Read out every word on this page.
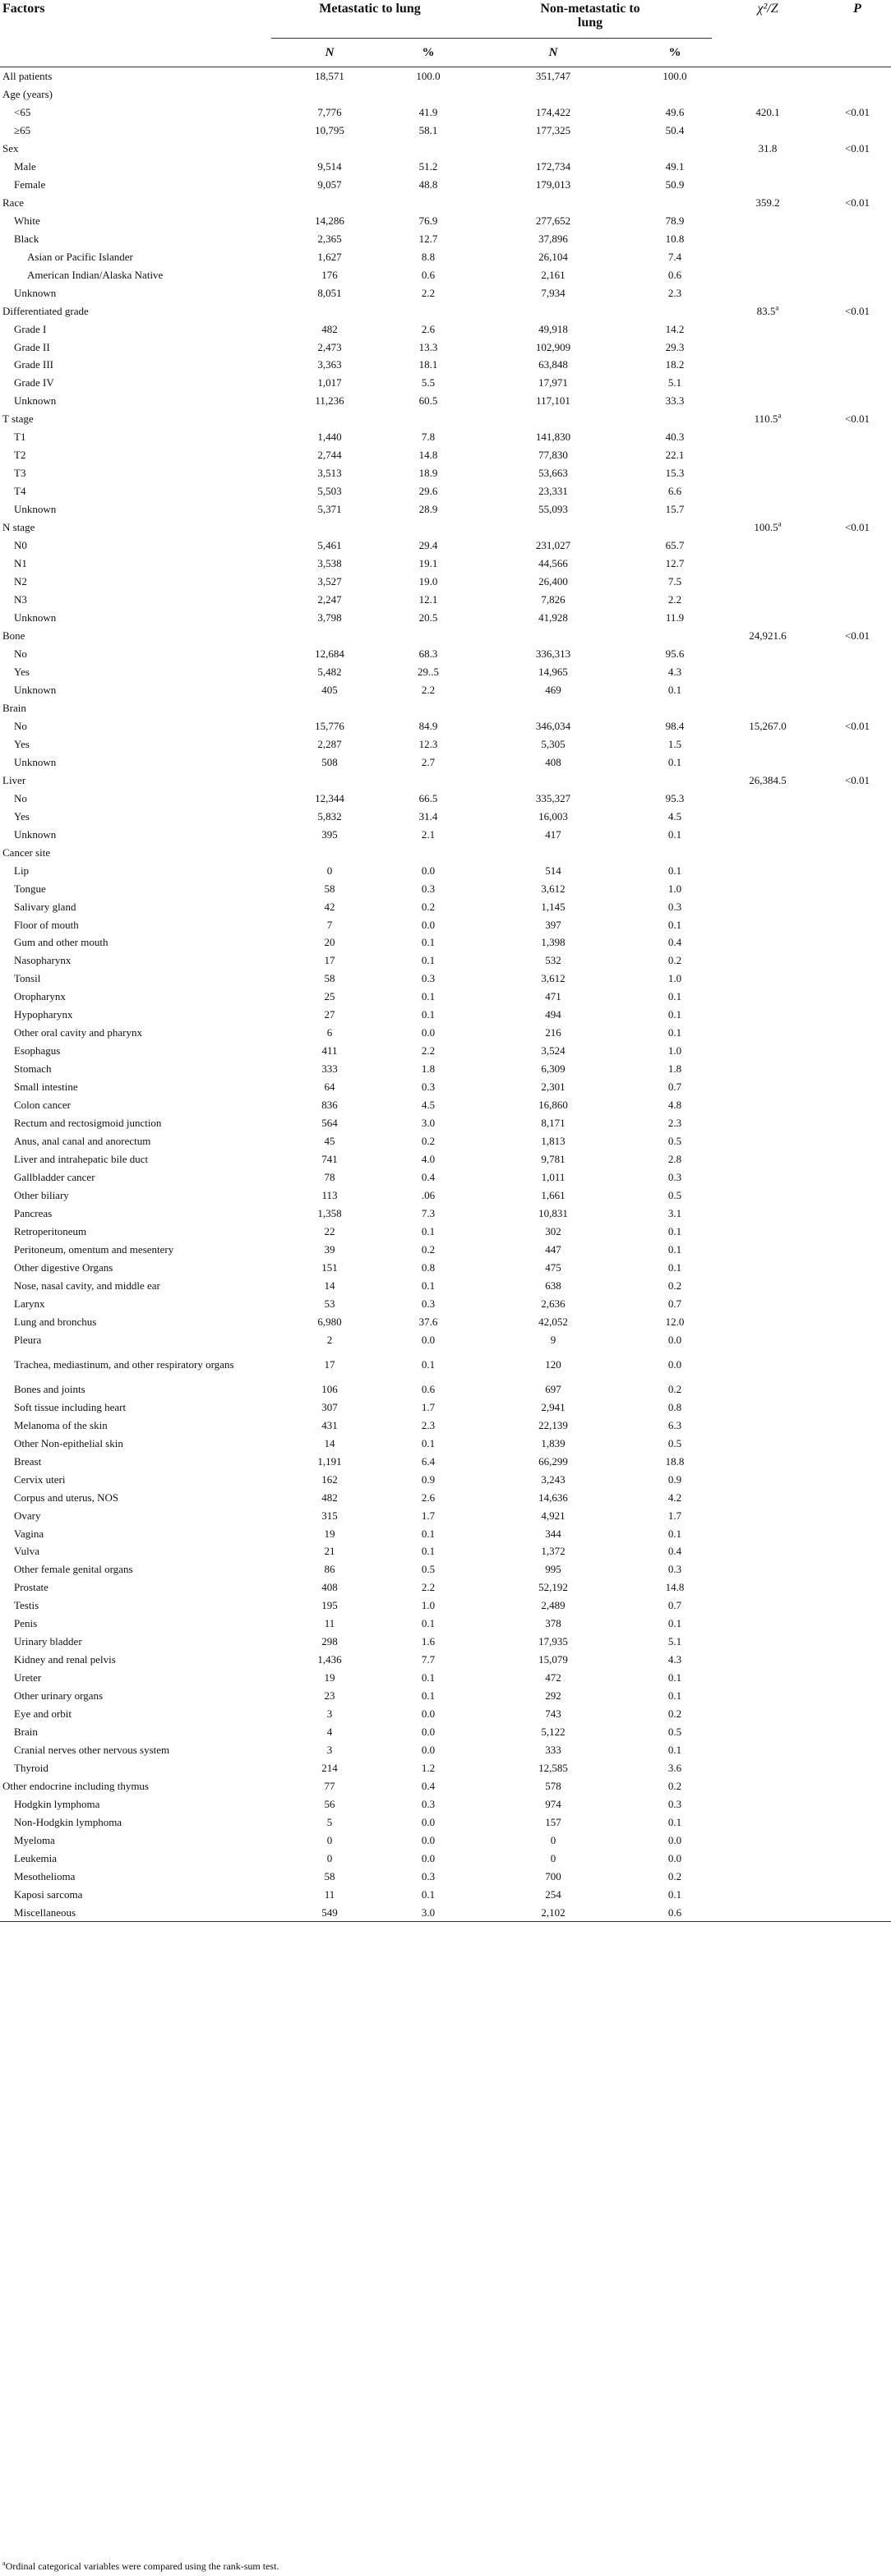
Factors	Metastatic to lung		Non-metastatic to lung		χ²/Z	P
	N	%	N	%		
All patients	18,571	100.0	351,747	100.0		
Age (years)						
<65	7,776	41.9	174,422	49.6	420.1	<0.01
≥65	10,795	58.1	177,325	50.4		
Sex					31.8	<0.01
Male	9,514	51.2	172,734	49.1		
Female	9,057	48.8	179,013	50.9		
Race					359.2	<0.01
White	14,286	76.9	277,652	78.9		
Black	2,365	12.7	37,896	10.8		
Asian or Pacific Islander	1,627	8.8	26,104	7.4		
American Indian/Alaska Native	176	0.6	2,161	0.6		
Unknown	8,051	2.2	7,934	2.3		
Differentiated grade					83.5$^a$	<0.01
Grade I	482	2.6	49,918	14.2		
Grade II	2,473	13.3	102,909	29.3		
Grade III	3,363	18.1	63,848	18.2		
Grade IV	1,017	5.5	17,971	5.1		
Unknown	11,236	60.5	117,101	33.3		
T stage					110.5$^a$	<0.01
T1	1,440	7.8	141,830	40.3		
T2	2,744	14.8	77,830	22.1		
T3	3,513	18.9	53,663	15.3		
T4	5,503	29.6	23,331	6.6		
Unknown	5,371	28.9	55,093	15.7		
N stage					100.5$^a$	<0.01
N0	5,461	29.4	231,027	65.7		
N1	3,538	19.1	44,566	12.7		
N2	3,527	19.0	26,400	7.5		
N3	2,247	12.1	7,826	2.2		
Unknown	3,798	20.5	41,928	11.9		
Bone					24,921.6	<0.01
No	12,684	68.3	336,313	95.6		
Yes	5,482	29..5	14,965	4.3		
Unknown	405	2.2	469	0.1		
Brain						
No	15,776	84.9	346,034	98.4	15,267.0	<0.01
Yes	2,287	12.3	5,305	1.5		
Unknown	508	2.7	408	0.1		
Liver					26,384.5	<0.01
No	12,344	66.5	335,327	95.3		
Yes	5,832	31.4	16,003	4.5		
Unknown	395	2.1	417	0.1		
Cancer site						
Lip	0	0.0	514	0.1		
Tongue	58	0.3	3,612	1.0		
Salivary gland	42	0.2	1,145	0.3		
Floor of mouth	7	0.0	397	0.1		
Gum and other mouth	20	0.1	1,398	0.4		
Nasopharynx	17	0.1	532	0.2		
Tonsil	58	0.3	3,612	1.0		
Oropharynx	25	0.1	471	0.1		
Hypopharynx	27	0.1	494	0.1		
Other oral cavity and pharynx	6	0.0	216	0.1		
Esophagus	411	2.2	3,524	1.0		
Stomach	333	1.8	6,309	1.8		
Small intestine	64	0.3	2,301	0.7		
Colon cancer	836	4.5	16,860	4.8		
Rectum and rectosigmoid junction	564	3.0	8,171	2.3		
Anus, anal canal and anorectum	45	0.2	1,813	0.5		
Liver and intrahepatic bile duct	741	4.0	9,781	2.8		
Gallbladder cancer	78	0.4	1,011	0.3		
Other biliary	113	.06	1,661	0.5		
Pancreas	1,358	7.3	10,831	3.1		
Retroperitoneum	22	0.1	302	0.1		
Peritoneum, omentum and mesentery	39	0.2	447	0.1		
Other digestive Organs	151	0.8	475	0.1		
Nose, nasal cavity, and middle ear	14	0.1	638	0.2		
Larynx	53	0.3	2,636	0.7		
Lung and bronchus	6,980	37.6	42,052	12.0		
Pleura	2	0.0	9	0.0		
Trachea, mediastinum, and other respiratory organs	17	0.1	120	0.0		
Bones and joints	106	0.6	697	0.2		
Soft tissue including heart	307	1.7	2,941	0.8		
Melanoma of the skin	431	2.3	22,139	6.3		
Other Non-epithelial skin	14	0.1	1,839	0.5		
Breast	1,191	6.4	66,299	18.8		
Cervix uteri	162	0.9	3,243	0.9		
Corpus and uterus, NOS	482	2.6	14,636	4.2		
Ovary	315	1.7	4,921	1.7		
Vagina	19	0.1	344	0.1		
Vulva	21	0.1	1,372	0.4		
Other female genital organs	86	0.5	995	0.3		
Prostate	408	2.2	52,192	14.8		
Testis	195	1.0	2,489	0.7		
Penis	11	0.1	378	0.1		
Urinary bladder	298	1.6	17,935	5.1		
Kidney and renal pelvis	1,436	7.7	15,079	4.3		
Ureter	19	0.1	472	0.1		
Other urinary organs	23	0.1	292	0.1		
Eye and orbit	3	0.0	743	0.2		
Brain	4	0.0	5,122	0.5		
Cranial nerves other nervous system	3	0.0	333	0.1		
Thyroid	214	1.2	12,585	3.6		
Other endocrine including thymus	77	0.4	578	0.2		
Hodgkin lymphoma	56	0.3	974	0.3		
Non-Hodgkin lymphoma	5	0.0	157	0.1		
Myeloma	0	0.0	0	0.0		
Leukemia	0	0.0	0	0.0		
Mesothelioma	58	0.3	700	0.2		
Kaposi sarcoma	11	0.1	254	0.1		
Miscellaneous	549	3.0	2,102	0.6		
$^a$Ordinal categorical variables were compared using the rank-sum test.
